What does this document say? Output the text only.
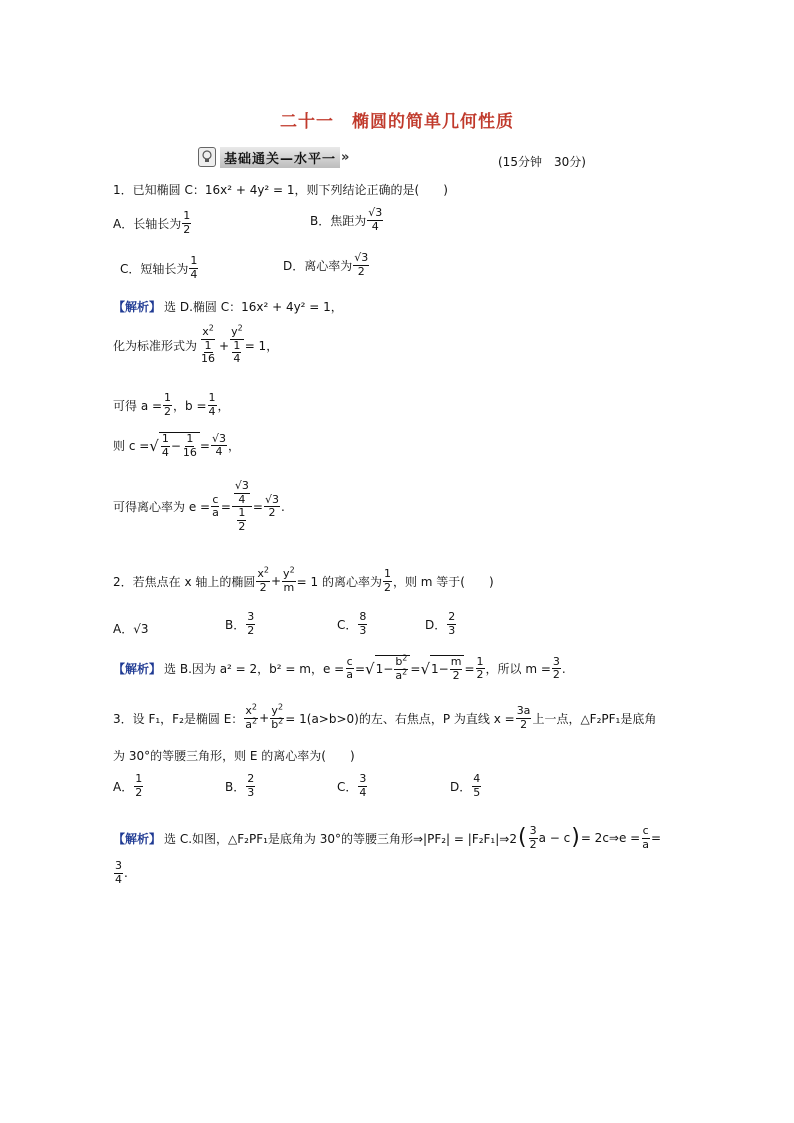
二十一　椭圆的简单几何性质
基础通关—水平一 »	(15分钟　30分)
1．已知椭圆 C：16x² + 4y² = 1，则下列结论正确的是(　　)
A．长轴长为
1
2
B．焦距为
√3
4
C．短轴长为
1
4
D．离心率为
√3
2
【解析】 选 D.椭圆 C：16x² + 4y² = 1，
化为标准形式为
$x^2$
$\frac{1}{16} + \frac{y^2}{\frac{1}{4}} = 1$，
可得 $a = \frac{1}{2}$ ，$b = \frac{1}{4}$ ，
则 c = √ 1
$4 - \frac{1}{16} = \frac{√3}{4}$ ，
可得离心率为 $e = \frac{c}{a} = \frac{\frac{√3}{4}}{\frac{1}{2}} = \frac{√3}{2}$ .
2．若焦点在 x 轴上的椭圆
$x^2$
$2 + \frac{y^2}{m} = 1$ 的离心率为
1
2 ，则 m 等于(　　)
A．√3	B．
3
2	C．
8
3	D．
2
3
【解析】 选 B.因为 a² = 2，b² = m，$e = \frac{c}{a}$ = √ $1- \frac{b^2}{a^2}$ = √ $1- \frac{m}{2} = \frac{1}{2}$ ，所以 $m = \frac{3}{2}$ .
3．设 F₁，F₂是椭圆 E：
$x^2$
$a^2 + \frac{y^2}{b^2} = 1(a>b>0)$的左、右焦点，P 为直线 $x = \frac{3a}{2}$ 上一点，△F₂PF₁是底角
为 30°的等腰三角形，则 E 的离心率为(　　)
A．
1
2	B．
2
3	C．
3
4	D．
4
5
【解析】 选 C.如图，△F₂PF₁是底角为 30°的等腰三角形⇒|PF₂| = |F₂F₁|⇒2 ( 3
2 a − c ) = 2c⇒e = $\frac{c}{a}$ =
3
4 .
